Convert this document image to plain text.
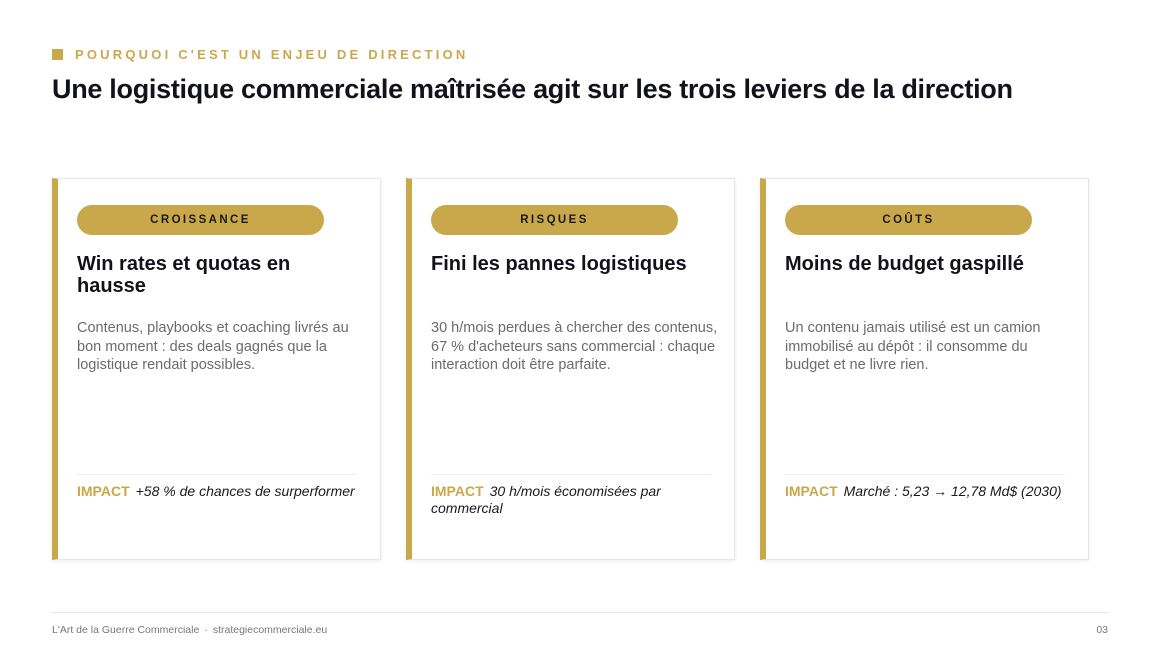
POURQUOI C'EST UN ENJEU DE DIRECTION
Une logistique commerciale maîtrisée agit sur les trois leviers de la direction
CROISSANCE
Win rates et quotas en hausse

Contenus, playbooks et coaching livrés au bon moment : des deals gagnés que la logistique rendait possibles.

IMPACT +58 % de chances de surperformer
RISQUES
Fini les pannes logistiques

30 h/mois perdues à chercher des contenus, 67 % d'acheteurs sans commercial : chaque interaction doit être parfaite.

IMPACT 30 h/mois économisées par commercial
COÛTS
Moins de budget gaspillé

Un contenu jamais utilisé est un camion immobilisé au dépôt : il consomme du budget et ne livre rien.

IMPACT Marché : 5,23 → 12,78 Md$ (2030)
L'Art de la Guerre Commerciale · strategiecommerciale.eu	03
